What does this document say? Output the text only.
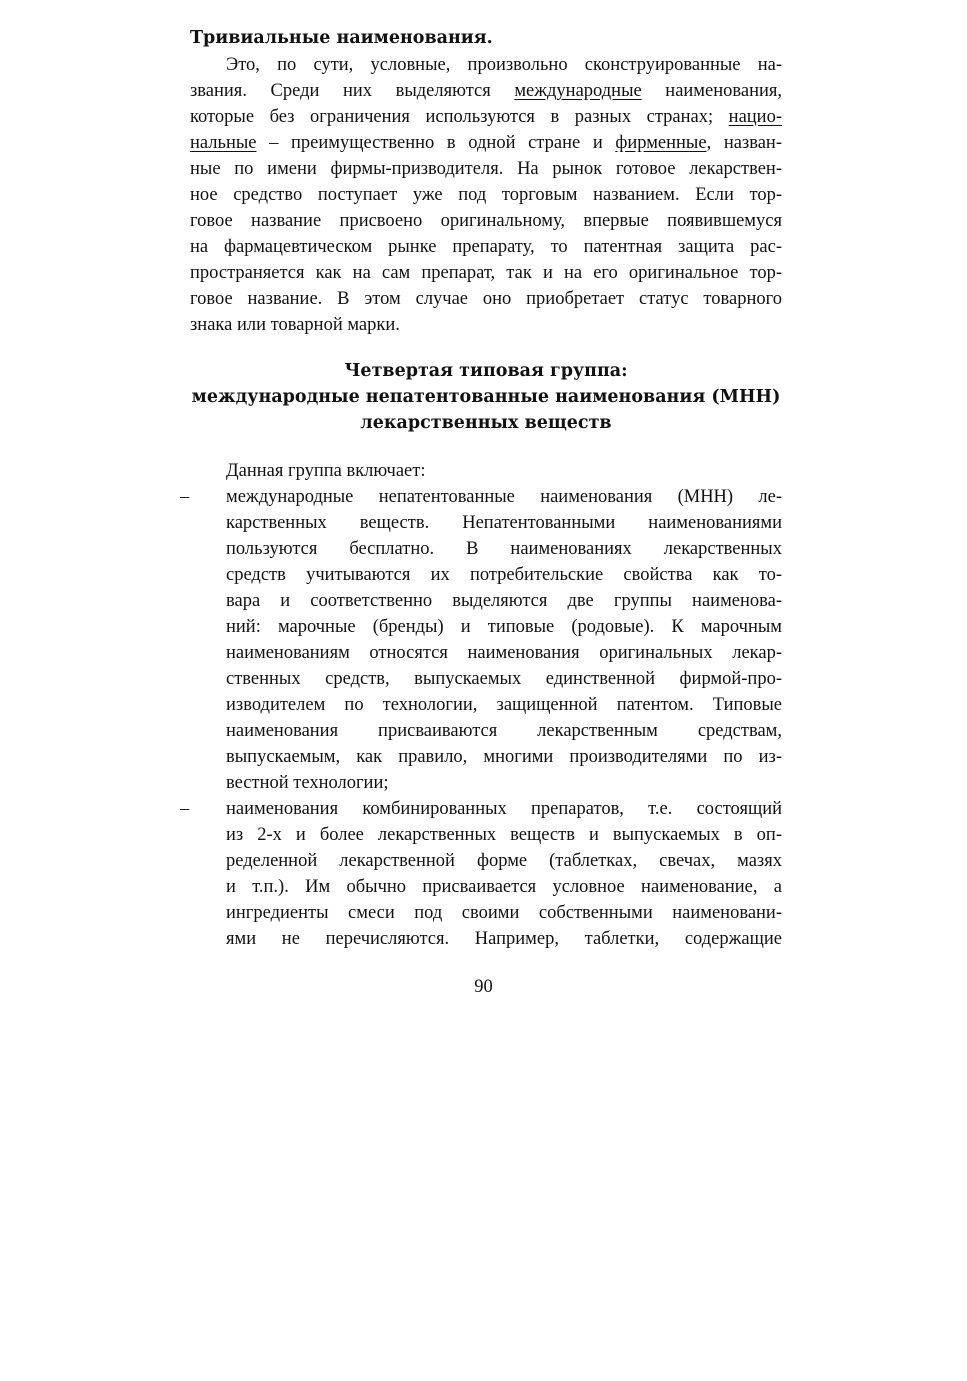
Тривиальные наименования.
Это, по сути, условные, произвольно сконструированные на-
звания. Среди них выделяются международные наименования,
которые без ограничения используются в разных странах; нацио-
нальные – преимущественно в одной стране и фирменные, назван-
ные по имени фирмы-призводителя. На рынок готовое лекарствен-
ное средство поступает уже под торговым названием. Если тор-
говое название присвоено оригинальному, впервые появившемуся
на фармацевтическом рынке препарату, то патентная защита рас-
пространяется как на сам препарат, так и на его оригинальное тор-
говое название. В этом случае оно приобретает статус товарного
знака или товарной марки.
Четвертая типовая группа:
международные непатентованные наименования (МНН)
лекарственных веществ
Данная группа включает:
– международные непатентованные наименования (МНН) ле-
карственных веществ. Непатентованными наименованиями
пользуются бесплатно. В наименованиях лекарственных
средств учитываются их потребительские свойства как то-
вара и соответственно выделяются две группы наименова-
ний: марочные (бренды) и типовые (родовые). К марочным
наименованиям относятся наименования оригинальных лекар-
ственных средств, выпускаемых единственной фирмой-про-
изводителем по технологии, защищенной патентом. Типовые
наименования присваиваются лекарственным средствам,
выпускаемым, как правило, многими производителями по из-
вестной технологии;
– наименования комбинированных препаратов, т.е. состоящий
из 2-х и более лекарственных веществ и выпускаемых в оп-
ределенной лекарственной форме (таблетках, свечах, мазях
и т.п.). Им обычно присваивается условное наименование, а
ингредиенты смеси под своими собственными наименовани-
ями не перечисляются. Например, таблетки, содержащие
90
